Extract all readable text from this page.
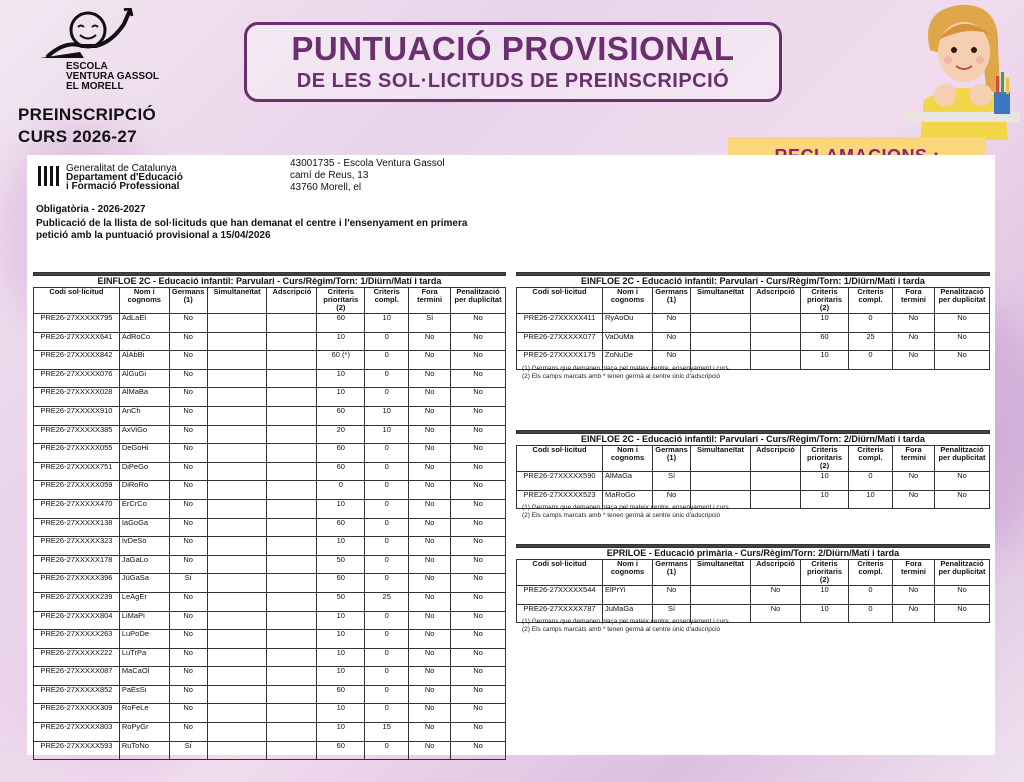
ESCOLA
VENTURA GASSOL
EL MORELL
PREINSCRIPCIÓ
CURS 2026-27
PUNTUACIÓ PROVISIONAL
DE LES SOL·LICITUDS DE PREINSCRIPCIÓ
Generalitat de Catalunya
Departament d'Educació
i Formació Professional
43001735 - Escola Ventura Gassol
camí de Reus, 13
43760 Morell, el
Obligatòria - 2026-2027
Publicació de la llista de sol·licituds que han demanat el centre i l'ensenyament en primera
petició amb la puntuació provisional a 15/04/2026

EINFLOE 2C - Educació infantil: Parvulari - Curs/Règim/Torn: 1/Diürn/Matí i tarda								
Codi sol·licitud	Nom i cognoms	Germans (1)	Simultaneïtat	Adscripció	Criteris prioritaris (2)	Criteris compl.	Fora termini	Penalització per duplicitat
PRE26-27XXXXX795	AdLaEl	No			60	10	Sí	No
PRE26-27XXXXX641	AdRoCo	No			10	0	No	No
PRE26-27XXXXX842	AlAbBi	No			60 (*)	0	No	No
PRE26-27XXXXX076	AlGuGi	No			10	0	No	No
PRE26-27XXXXX028	AlMaBa	No			10	0	No	No
PRE26-27XXXXX910	AnCh	No			60	10	No	No
PRE26-27XXXXX385	AxViGo	No			20	10	No	No
PRE26-27XXXXX055	DeGoHi	No			60	0	No	No
PRE26-27XXXXX751	DiPeGo	No			60	0	No	No
PRE26-27XXXXX059	DiRoRo	No			0	0	No	No
PRE26-27XXXXX470	ErCrCo	No			10	0	No	No
PRE26-27XXXXX138	IaGoGa	No			60	0	No	No
PRE26-27XXXXX323	IvDeSo	No			10	0	No	No
PRE26-27XXXXX178	JaGaLo	No			50	0	No	No
PRE26-27XXXXX396	JüGaSa	Sí			60	0	No	No
PRE26-27XXXXX239	LeAgEr	No			50	25	No	No
PRE26-27XXXXX804	LiMaPi	No			10	0	No	No
PRE26-27XXXXX263	LuPoDe	No			10	0	No	No
PRE26-27XXXXX222	LuTrPa	No			10	0	No	No
PRE26-27XXXXX087	MaCaOl	No			10	0	No	No
PRE26-27XXXXX852	PaEsSi	No			60	0	No	No
PRE26-27XXXXX309	RoFeLe	No			10	0	No	No
PRE26-27XXXXX803	RoPyGr	No			10	15	No	No
PRE26-27XXXXX593	RuToNo	Sí			60	0	No	No

EINFLOE 2C - Educació infantil: Parvulari - Curs/Règim/Torn: 1/Diürn/Matí i tarda								
Codi sol·licitud	Nom i cognoms	Germans (1)	Simultaneïtat	Adscripció	Criteris prioritaris (2)	Criteris compl.	Fora termini	Penalització per duplicitat
PRE26-27XXXXX411	RyAoOu	No			10	0	No	No
PRE26-27XXXXX077	VaDuMa	No			60	25	No	No
PRE26-27XXXXX175	ZoNuDe	No			10	0	No	No
(1) Germans que demanen plaça pel mateix centre, ensenyament i curs
(2) Els camps marcats amb * tenen germà al centre únic d'adscripció

EINFLOE 2C - Educació infantil: Parvulari - Curs/Règim/Torn: 2/Diürn/Matí i tarda								
Codi sol·licitud	Nom i cognoms	Germans (1)	Simultaneïtat	Adscripció	Criteris prioritaris (2)	Criteris compl.	Fora termini	Penalització per duplicitat
PRE26-27XXXXX590	AlMaGa	Sí			10	0	No	No
PRE26-27XXXXX523	MaRoGo	No			10	10	No	No
(1) Germans que demanen plaça pel mateix centre, ensenyament i curs
(2) Els camps marcats amb * tenen germà al centre únic d'adscripció

EPRILOE - Educació primària - Curs/Règim/Torn: 2/Diürn/Matí i tarda								
Codi sol·licitud	Nom i cognoms	Germans (1)	Simultaneïtat	Adscripció	Criteris prioritaris (2)	Criteris compl.	Fora termini	Penalització per duplicitat
PRE26-27XXXXX544	ElPrYi	No		No	10	0	No	No
PRE26-27XXXXX787	JuMaGa	Sí		No	10	0	No	No
(1) Germans que demanen plaça pel mateix centre, ensenyament i curs
(2) Els camps marcats amb * tenen germà al centre únic d'adscripció
